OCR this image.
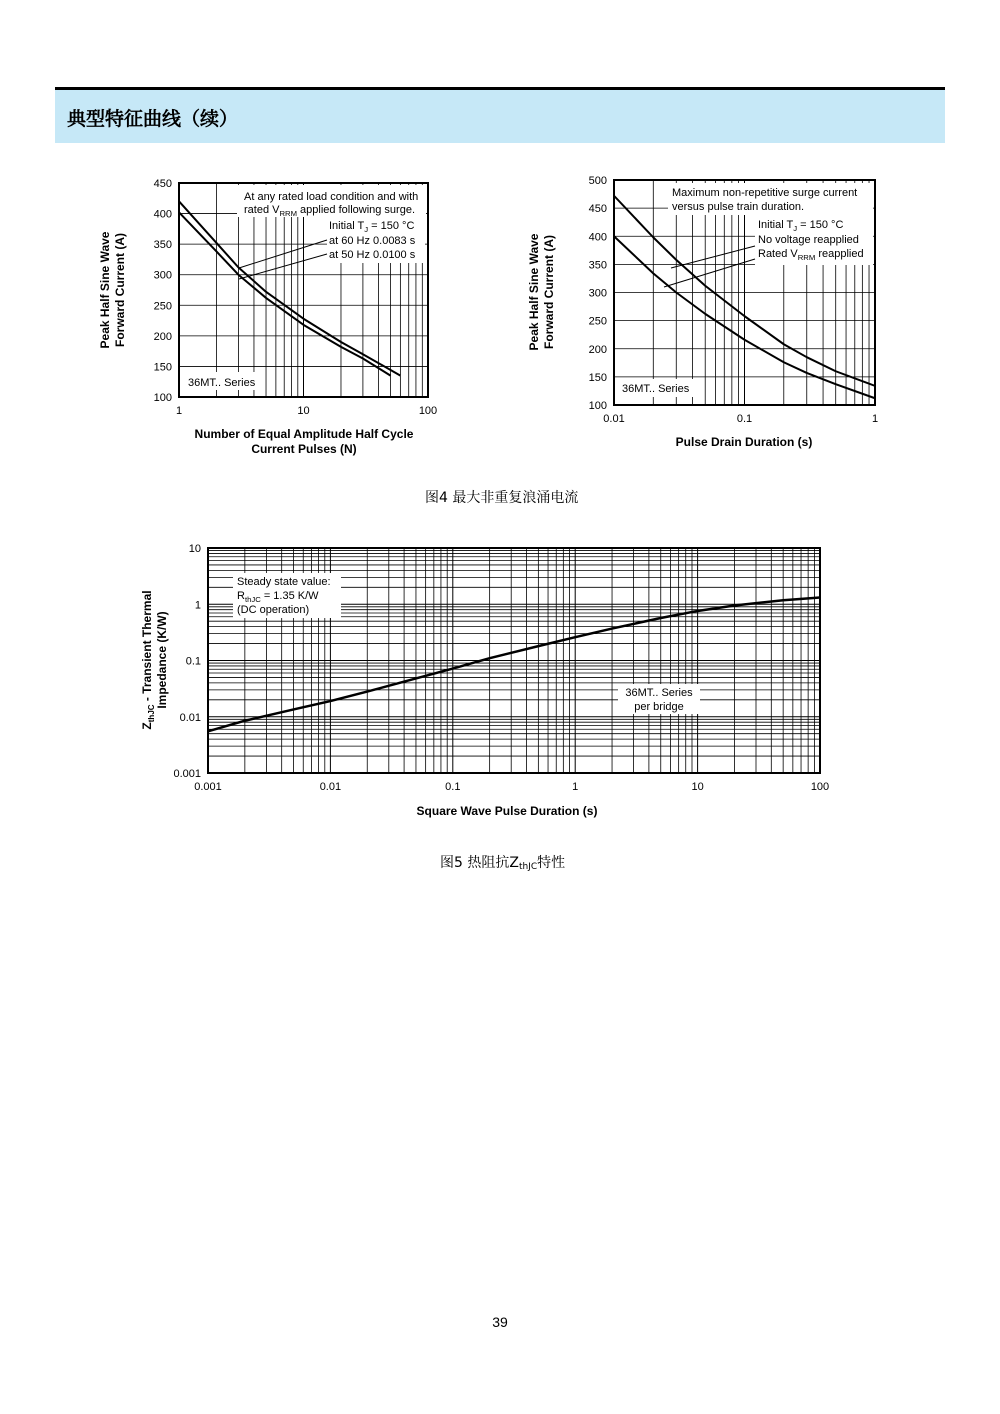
典型特征曲线（续）
1	10	100
100
150
200
250
300
350
400
450
At any rated load condition and with
rated $V_{RRM}$ applied following surge.
Initial $T_J = 150$ °C
at 60 Hz 0.0083 s
at 50 Hz 0.0100 s
36MT.. Series
Peak Half Sine Wave Forward Current (A)
Number of Equal Amplitude Half Cycle
Current Pulses (N)
0.01	0.1	1
100
150
200
250
300
350
400
450
500
Maximum non-repetitive surge current
versus pulse train duration.
Initial $T_J = 150$ °C
No voltage reapplied
Rated $V_{RRM}$ reapplied
36MT.. Series
Peak Half Sine Wave Forward Current (A)
Pulse Drain Duration (s)
图4 最大非重复浪涌电流
0.001	0.01	0.1	1	10	100
0.001
0.01
0.1
1
10
Steady state value:
$R_{thJC} = 1.35$ K/W
(DC operation)
36MT.. Series
per bridge
$Z_{thJC}$ - Transient Thermal Impedance (K/W)
Square Wave Pulse Duration (s)
图5 热阻抗ZthJC特性
39
